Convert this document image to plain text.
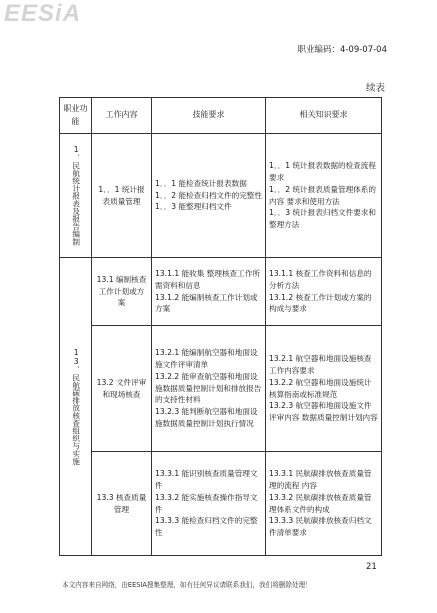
EESiA
职业编码：4-09-07-04
续表
职业功能	工作内容	技能要求	相关知识要求

1．民航统计报表及报告编制	1．．1 统计报表质量管理	1．．1 能检查统计报表数据
1．．2 能检查归档文件的完整性
1．．3 能整理归档文件	1．．1 统计报表数据的检查流程要求
1．．2 统计报表质量管理体系的内容 要求和使用方法
1．．3 统计报表归档文件要求和整理方法

13．民航碳排放核查组织与实施	13.1 编制核查工作计划或方案	13.1.1 能收集 整理核查工作所需资料和信息
13.1.2 能编制核查工作计划或方案	13.1.1 核查工作资料和信息的分析方法
13.1.2 核查工作计划或方案的构成与要求
	13.2 文件评审和现场核查	13.2.1 能编制航空器和地面设施文件评审清单
13.2.2 能审查航空器和地面设施数据质量控制计划和排放报告的支持性材料
13.2.3 能判断航空器和地面设施数据质量控制计划执行情况	13.2.1 航空器和地面设施核查工作内容要求
13.2.2 航空器和地面设施统计核算指南或标准规范
13.2.3 航空器和地面设施文件评审内容 数据质量控制计划内容
	13.3 核查质量管理	13.3.1 能识别核查质量管理文件
13.3.2 能实施核查操作指导文件
13.3.3 能检查归档文件的完整性	13.3.1 民航碳排放核查质量管理的流程 内容
13.3.2 民航碳排放核查质量管理体系文件的构成
13.3.3 民航碳排放核查归档文件清单要求
21
本文内容来自网络，由EESIA搜集整理，如有任何异议请联系我们，我们将删除处理！
